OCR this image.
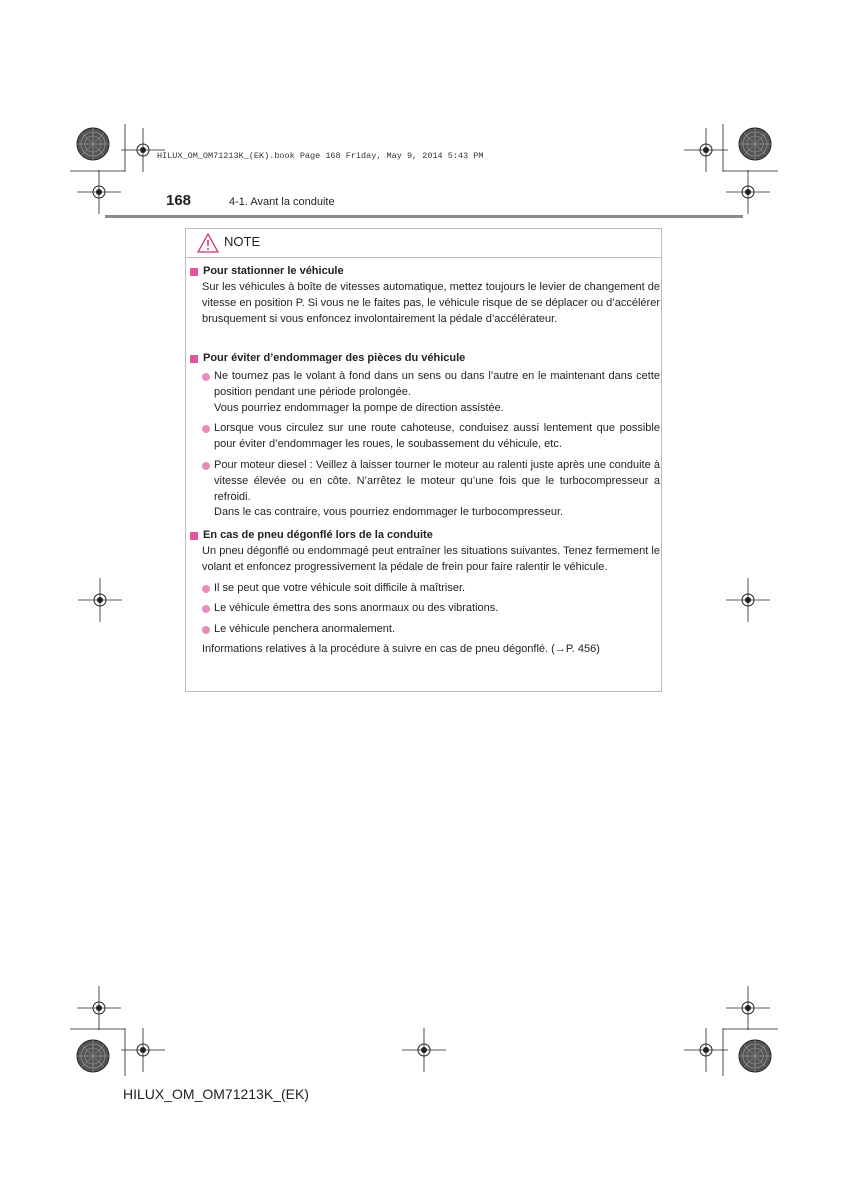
HILUX_OM_OM71213K_(EK).book Page 168 Friday, May 9, 2014 5:43 PM
168	4-1. Avant la conduite
NOTE
Pour stationner le véhicule
Sur les véhicules à boîte de vitesses automatique, mettez toujours le levier de changement de vitesse en position P. Si vous ne le faites pas, le véhicule risque de se déplacer ou d’accélérer brusquement si vous enfoncez involontairement la pédale d’accélérateur.
Pour éviter d’endommager des pièces du véhicule
Ne tournez pas le volant à fond dans un sens ou dans l’autre en le maintenant dans cette position pendant une période prolongée.
Vous pourriez endommager la pompe de direction assistée.
Lorsque vous circulez sur une route cahoteuse, conduisez aussi lentement que possible pour éviter d’endommager les roues, le soubassement du véhicule, etc.
Pour moteur diesel : Veillez à laisser tourner le moteur au ralenti juste après une conduite à vitesse élevée ou en côte. N’arrêtez le moteur qu’une fois que le turbocompresseur a refroidi.
Dans le cas contraire, vous pourriez endommager le turbocompresseur.
En cas de pneu dégonflé lors de la conduite
Un pneu dégonflé ou endommagé peut entraîner les situations suivantes. Tenez fermement le volant et enfoncez progressivement la pédale de frein pour faire ralentir le véhicule.
Il se peut que votre véhicule soit difficile à maîtriser.
Le véhicule émettra des sons anormaux ou des vibrations.
Le véhicule penchera anormalement.
Informations relatives à la procédure à suivre en cas de pneu dégonflé. (→P. 456)
HILUX_OM_OM71213K_(EK)
